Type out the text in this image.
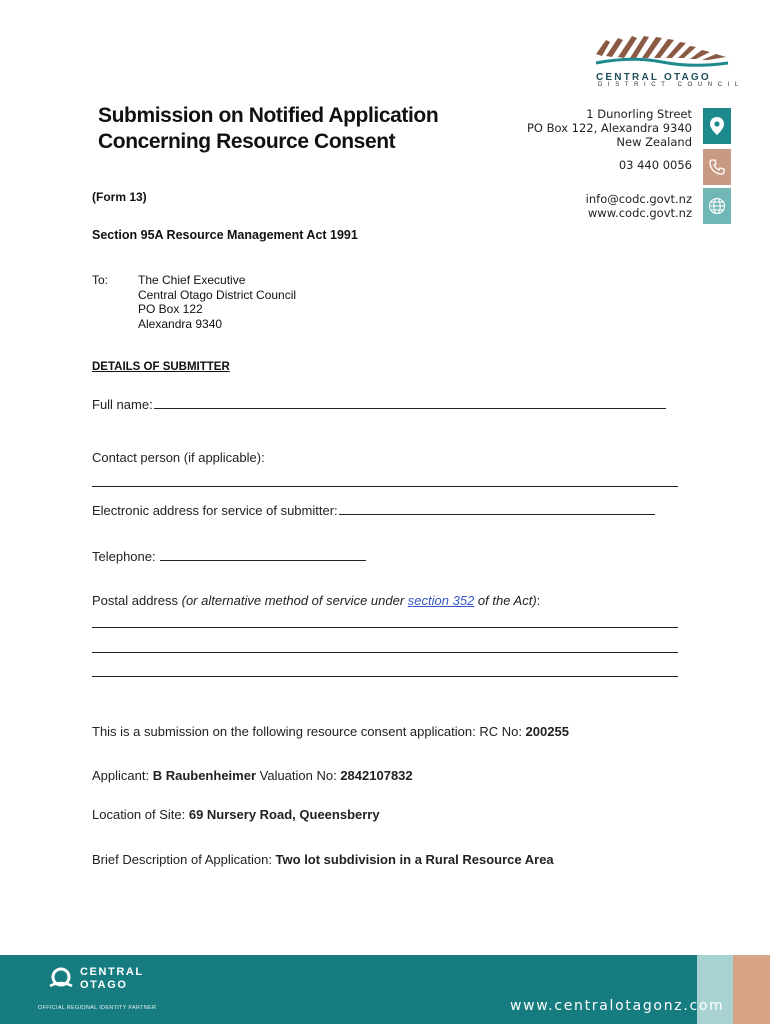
Submission on Notified Application
Concerning Resource Consent
CENTRAL OTAGO
DISTRICT COUNCIL
1 Dunorling Street
PO Box 122, Alexandra 9340
New Zealand
03 440 0056
info@codc.govt.nz
www.codc.govt.nz
(Form 13)
Section 95A Resource Management Act 1991
To: The Chief Executive
Central Otago District Council
PO Box 122
Alexandra 9340
DETAILS OF SUBMITTER
Full name:
Contact person (if applicable):
Electronic address for service of submitter:
Telephone:
Postal address (or alternative method of service under section 352 of the Act):
This is a submission on the following resource consent application: RC No: 200255
Applicant: B Raubenheimer Valuation No: 2842107832
Location of Site: 69 Nursery Road, Queensberry
Brief Description of Application: Two lot subdivision in a Rural Resource Area
CENTRAL
OTAGO
OFFICIAL REGIONAL IDENTITY PARTNER	www.centralotagonz.com
